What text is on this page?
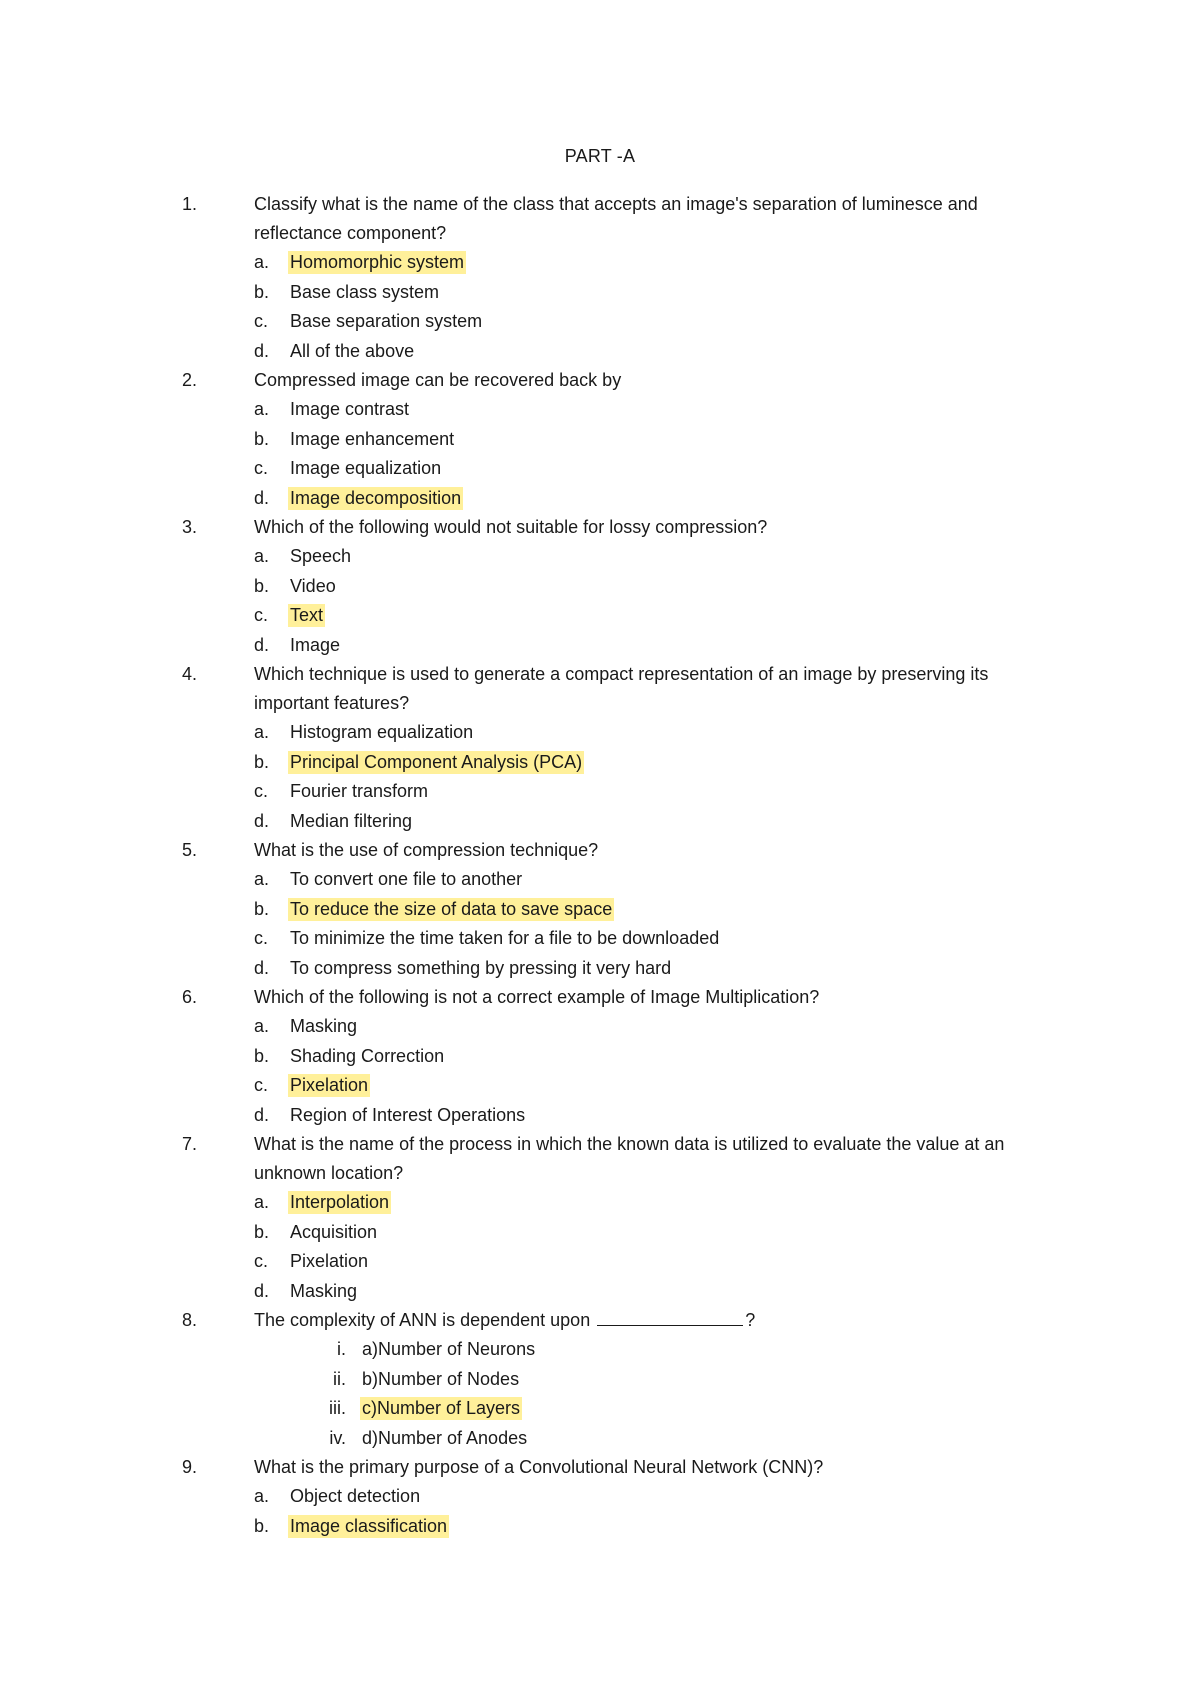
PART -A
1.	Classify what is the name of the class that accepts an image's separation of luminesce and reflectance component?
a. Homomorphic system
b. Base class system
c. Base separation system
d. All of the above
2.	Compressed image can be recovered back by
a. Image contrast
b. Image enhancement
c. Image equalization
d. Image decomposition
3.	Which of the following would not suitable for lossy compression?
a. Speech
b. Video
c. Text
d. Image
4.	Which technique is used to generate a compact representation of an image by preserving its important features?
a. Histogram equalization
b. Principal Component Analysis (PCA)
c. Fourier transform
d. Median filtering
5.	What is the use of compression technique?
a. To convert one file to another
b. To reduce the size of data to save space
c. To minimize the time taken for a file to be downloaded
d. To compress something by pressing it very hard
6.	Which of the following is not a correct example of Image Multiplication?
a. Masking
b. Shading Correction
c. Pixelation
d. Region of Interest Operations
7.	What is the name of the process in which the known data is utilized to evaluate the value at an unknown location?
a. Interpolation
b. Acquisition
c. Pixelation
d. Masking
8.	The complexity of ANN is dependent upon	?
i. a)Number of Neurons
ii. b)Number of Nodes
iii. c)Number of Layers
iv. d)Number of Anodes
9.	What is the primary purpose of a Convolutional Neural Network (CNN)?
a. Object detection
b. Image classification
